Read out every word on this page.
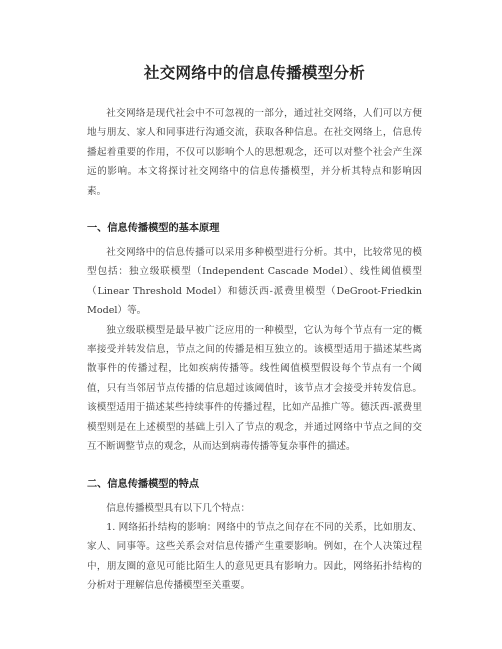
社交网络中的信息传播模型分析

社交网络是现代社会中不可忽视的一部分，通过社交网络，人们可以方便地与朋友、家人和同事进行沟通交流，获取各种信息。在社交网络上，信息传播起着重要的作用，不仅可以影响个人的思想观念，还可以对整个社会产生深远的影响。本文将探讨社交网络中的信息传播模型，并分析其特点和影响因素。

一、信息传播模型的基本原理

社交网络中的信息传播可以采用多种模型进行分析。其中，比较常见的模型包括：独立级联模型（Independent Cascade Model）、线性阈值模型（Linear Threshold Model）和德沃西-派费里模型（DeGroot-Friedkin Model）等。

独立级联模型是最早被广泛应用的一种模型，它认为每个节点有一定的概率接受并转发信息，节点之间的传播是相互独立的。该模型适用于描述某些离散事件的传播过程，比如疾病传播等。线性阈值模型假设每个节点有一个阈值，只有当邻居节点传播的信息超过该阈值时，该节点才会接受并转发信息。该模型适用于描述某些持续事件的传播过程，比如产品推广等。德沃西-派费里模型则是在上述模型的基础上引入了节点的观念，并通过网络中节点之间的交互不断调整节点的观念，从而达到病毒传播等复杂事件的描述。

二、信息传播模型的特点

信息传播模型具有以下几个特点：

1. 网络拓扑结构的影响：网络中的节点之间存在不同的关系，比如朋友、家人、同事等。这些关系会对信息传播产生重要影响。例如，在个人决策过程中，朋友圈的意见可能比陌生人的意见更具有影响力。因此，网络拓扑结构的分析对于理解信息传播模型至关重要。
